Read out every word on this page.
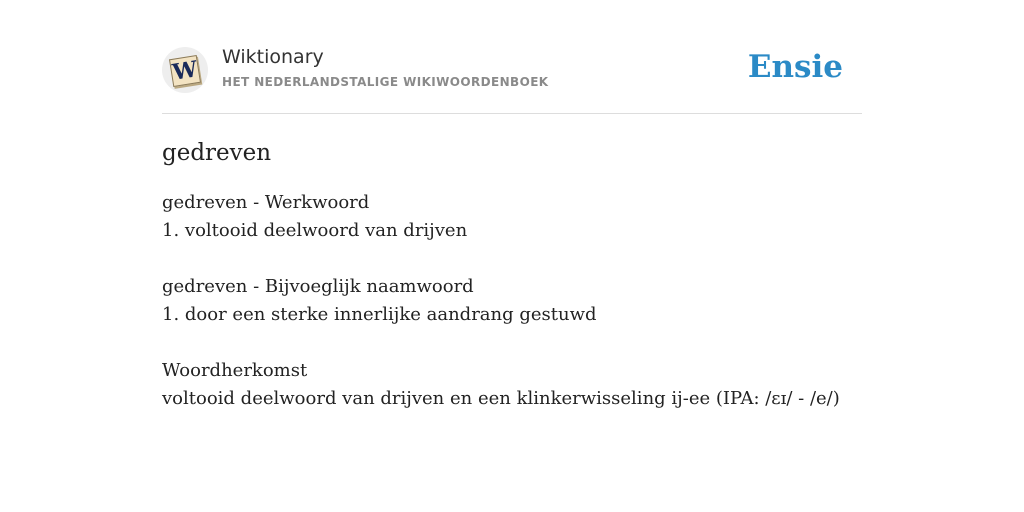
W Wiktionary
HET NEDERLANDSTALIGE WIKIWOORDENBOEK	Ensie
gedreven
gedreven - Werkwoord
1. voltooid deelwoord van drijven
gedreven - Bijvoeglijk naamwoord
1. door een sterke innerlijke aandrang gestuwd
Woordherkomst
voltooid deelwoord van drijven en een klinkerwisseling ij-ee (IPA: /ɛɪ/ - /e/)
